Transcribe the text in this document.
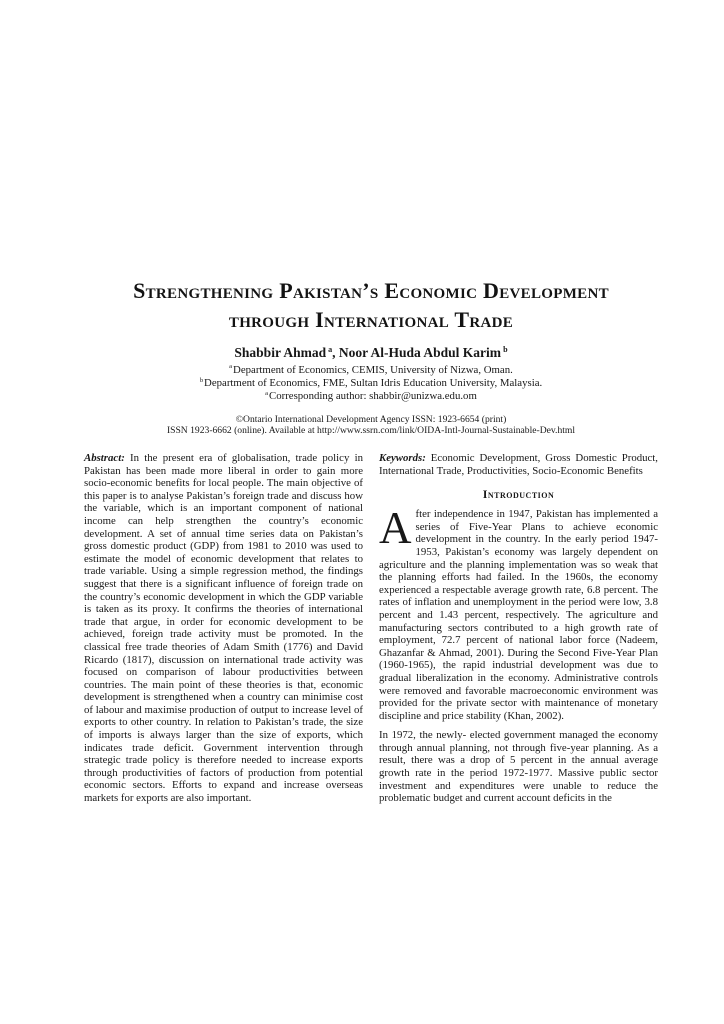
Strengthening Pakistan’s Economic Development
through International Trade
Shabbir Ahmad $^a$, Noor Al-Huda Abdul Karim $^b$
$^a$Department of Economics, CEMIS, University of Nizwa, Oman.
$^b$Department of Economics, FME, Sultan Idris Education University, Malaysia.
$^a$Corresponding author: shabbir@unizwa.edu.om
©Ontario International Development Agency ISSN: 1923-6654 (print)
ISSN 1923-6662 (online). Available at http://www.ssrn.com/link/OIDA-Intl-Journal-Sustainable-Dev.html

Abstract: In the present era of globalisation, trade policy in Pakistan has been made more liberal in order to gain more socio-economic benefits for local people. The main objective of this paper is to analyse Pakistan’s foreign trade and discuss how the variable, which is an important component of national income can help strengthen the country’s economic development. A set of annual time series data on Pakistan’s gross domestic product (GDP) from 1981 to 2010 was used to estimate the model of economic development that relates to trade variable. Using a simple regression method, the findings suggest that there is a significant influence of foreign trade on the country’s economic development in which the GDP variable is taken as its proxy. It confirms the theories of international trade that argue, in order for economic development to be achieved, foreign trade activity must be promoted. In the classical free trade theories of Adam Smith (1776) and David Ricardo (1817), discussion on international trade activity was focused on comparison of labour productivities between countries. The main point of these theories is that, economic development is strengthened when a country can minimise cost of labour and maximise production of output to increase level of exports to other country. In relation to Pakistan’s trade, the size of imports is always larger than the size of exports, which indicates trade deficit. Government intervention through strategic trade policy is therefore needed to increase exports through productivities of factors of production from potential economic sectors. Efforts to expand and increase overseas markets for exports are also important.

Keywords: Economic Development, Gross Domestic Product, International Trade, Productivities, Socio-Economic Benefits

Introduction

After independence in 1947, Pakistan has implemented a series of Five-Year Plans to achieve economic development in the country. In the early period 1947-1953, Pakistan’s economy was largely dependent on agriculture and the planning implementation was so weak that the planning efforts had failed. In the 1960s, the economy experienced a respectable average growth rate, 6.8 percent. The rates of inflation and unemployment in the period were low, 3.8 percent and 1.43 percent, respectively. The agriculture and manufacturing sectors contributed to a high growth rate of employment, 72.7 percent of national labor force (Nadeem, Ghazanfar & Ahmad, 2001). During the Second Five-Year Plan (1960-1965), the rapid industrial development was due to gradual liberalization in the economy. Administrative controls were removed and favorable macroeconomic environment was provided for the private sector with maintenance of monetary discipline and price stability (Khan, 2002).

In 1972, the newly- elected government managed the economy through annual planning, not through five-year planning. As a result, there was a drop of 5 percent in the annual average growth rate in the period 1972-1977. Massive public sector investment and expenditures were unable to reduce the problematic budget and current account deficits in the
